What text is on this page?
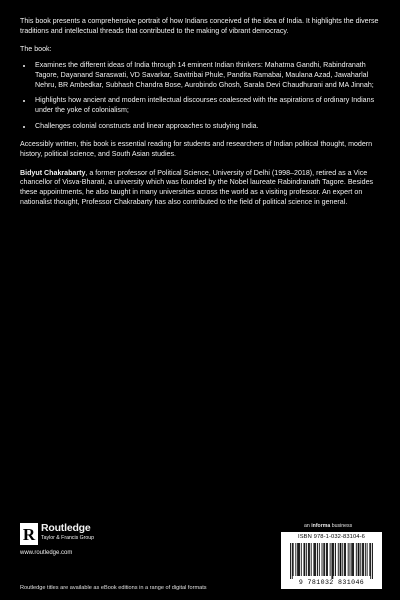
This book presents a comprehensive portrait of how Indians conceived of the idea of India. It highlights the diverse traditions and intellectual threads that contributed to the making of vibrant democracy.

The book:

• Examines the different ideas of India through 14 eminent Indian thinkers: Mahatma Gandhi, Rabindranath Tagore, Dayanand Saraswati, VD Savarkar, Savitribai Phule, Pandita Ramabai, Maulana Azad, Jawaharlal Nehru, BR Ambedkar, Subhash Chandra Bose, Aurobindo Ghosh, Sarala Devi Chaudhurani and MA Jinnah;
• Highlights how ancient and modern intellectual discourses coalesced with the aspirations of ordinary Indians under the yoke of colonialism;
• Challenges colonial constructs and linear approaches to studying India.

Accessibly written, this book is essential reading for students and researchers of Indian political thought, modern history, political science, and South Asian studies.

Bidyut Chakrabarty, a former professor of Political Science, University of Delhi (1998–2018), retired as a Vice chancellor of Visva-Bharati, a university which was founded by the Nobel laureate Rabindranath Tagore. Besides these appointments, he also taught in many universities across the world as a visiting professor. An expert on nationalist thought, Professor Chakrabarty has also contributed to the field of political science in general.

R Routledge
Taylor & Francis Group
www.routledge.com
an informa business
ISBN 978-1-032-83104-6
9 781032 831046
Routledge titles are available as eBook editions in a range of digital formats
